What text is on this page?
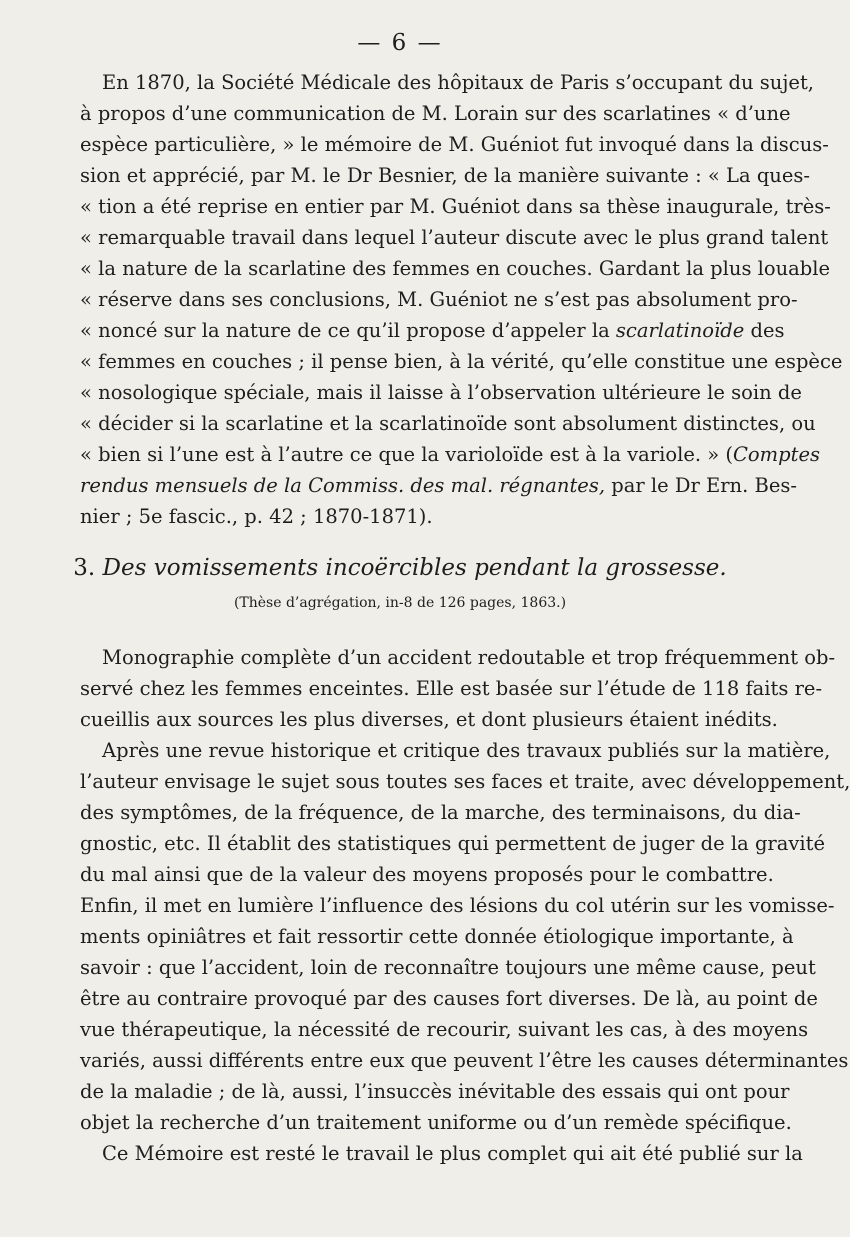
— 6 —
En 1870, la Société Médicale des hôpitaux de Paris s’occupant du sujet,
à propos d’une communication de M. Lorain sur des scarlatines « d’une
espèce particulière, » le mémoire de M. Guéniot fut invoqué dans la discus-
sion et apprécié, par M. le Dr Besnier, de la manière suivante : « La ques-
« tion a été reprise en entier par M. Guéniot dans sa thèse inaugurale, très-
« remarquable travail dans lequel l’auteur discute avec le plus grand talent
« la nature de la scarlatine des femmes en couches. Gardant la plus louable
« réserve dans ses conclusions, M. Guéniot ne s’est pas absolument pro-
« noncé sur la nature de ce qu’il propose d’appeler la scarlatinoïde des
« femmes en couches ; il pense bien, à la vérité, qu’elle constitue une espèce
« nosologique spéciale, mais il laisse à l’observation ultérieure le soin de
« décider si la scarlatine et la scarlatinoïde sont absolument distinctes, ou
« bien si l’une est à l’autre ce que la varioloïde est à la variole. » (Comptes
rendus mensuels de la Commiss. des mal. régnantes, par le Dr Ern. Bes-
nier ; 5e fascic., p. 42 ; 1870-1871).
3. Des vomissements incoërcibles pendant la grossesse.
(Thèse d’agrégation, in-8 de 126 pages, 1863.)
Monographie complète d’un accident redoutable et trop fréquemment ob-
servé chez les femmes enceintes. Elle est basée sur l’étude de 118 faits re-
cueillis aux sources les plus diverses, et dont plusieurs étaient inédits.
Après une revue historique et critique des travaux publiés sur la matière,
l’auteur envisage le sujet sous toutes ses faces et traite, avec développement,
des symptômes, de la fréquence, de la marche, des terminaisons, du dia-
gnostic, etc. Il établit des statistiques qui permettent de juger de la gravité
du mal ainsi que de la valeur des moyens proposés pour le combattre.
Enfin, il met en lumière l’influence des lésions du col utérin sur les vomisse-
ments opiniâtres et fait ressortir cette donnée étiologique importante, à
savoir : que l’accident, loin de reconnaître toujours une même cause, peut
être au contraire provoqué par des causes fort diverses. De là, au point de
vue thérapeutique, la nécessité de recourir, suivant les cas, à des moyens
variés, aussi différents entre eux que peuvent l’être les causes déterminantes
de la maladie ; de là, aussi, l’insuccès inévitable des essais qui ont pour
objet la recherche d’un traitement uniforme ou d’un remède spécifique.
Ce Mémoire est resté le travail le plus complet qui ait été publié sur la
